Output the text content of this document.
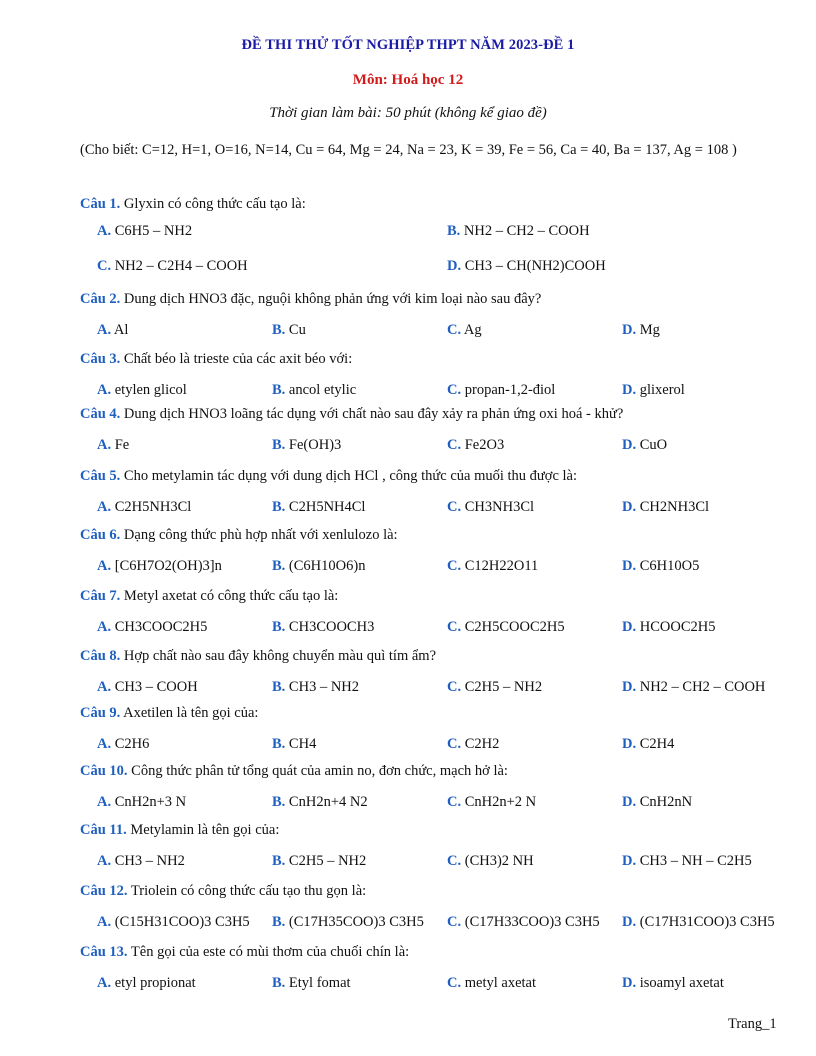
ĐỀ THI THỬ TỐT NGHIỆP THPT NĂM 2023-ĐỀ 1
Môn: Hoá học 12
Thời gian làm bài: 50 phút (không kể giao đề)
(Cho biết: C=12, H=1, O=16, N=14, Cu = 64, Mg = 24, Na = 23, K = 39, Fe = 56, Ca = 40, Ba = 137, Ag = 108 )
Câu 1. Glyxin có công thức cấu tạo là:
A. C6H5 – NH2	B. NH2 – CH2 – COOH
C. NH2 – C2H4 – COOH	D. CH3 – CH(NH2)COOH
Câu 2. Dung dịch HNO3 đặc, nguội không phản ứng với kim loại nào sau đây?
A. Al	B. Cu	C. Ag	D. Mg
Câu 3. Chất béo là trieste của các axit béo với:
A. etylen glicol	B. ancol etylic	C. propan-1,2-điol	D. glixerol
Câu 4. Dung dịch HNO3 loãng tác dụng với chất nào sau đây xảy ra phản ứng oxi hoá - khử?
A. Fe	B. Fe(OH)3	C. Fe2O3	D. CuO
Câu 5. Cho metylamin tác dụng với dung dịch HCl , công thức của muối thu được là:
A. C2H5NH3Cl	B. C2H5NH4Cl	C. CH3NH3Cl	D. CH2NH3Cl
Câu 6. Dạng công thức phù hợp nhất với xenlulozo là:
A. [C6H7O2(OH)3]n	B. (C6H10O6)n	C. C12H22O11	D. C6H10O5
Câu 7. Metyl axetat có công thức cấu tạo là:
A. CH3COOC2H5	B. CH3COOCH3	C. C2H5COOC2H5	D. HCOOC2H5
Câu 8. Hợp chất nào sau đây không chuyển màu quì tím ẩm?
A. CH3 – COOH	B. CH3 – NH2	C. C2H5 – NH2	D. NH2 – CH2 – COOH
Câu 9. Axetilen là tên gọi của:
A. C2H6	B. CH4	C. C2H2	D. C2H4
Câu 10. Công thức phân tử tổng quát của amin no, đơn chức, mạch hở là:
A. CnH2n+3 N	B. CnH2n+4 N2	C. CnH2n+2 N	D. CnH2nN
Câu 11. Metylamin là tên gọi của:
A. CH3 – NH2	B. C2H5 – NH2	C. (CH3)2 NH	D. CH3 – NH – C2H5
Câu 12. Triolein có công thức cấu tạo thu gọn là:
A. (C15H31COO)3 C3H5 B. (C17H35COO)3 C3H5 C. (C17H33COO)3 C3H5 D. (C17H31COO)3 C3H5
Câu 13. Tên gọi của este có mùi thơm của chuối chín là:
A. etyl propionat	B. Etyl fomat	C. metyl axetat	D. isoamyl axetat
Trang_1
